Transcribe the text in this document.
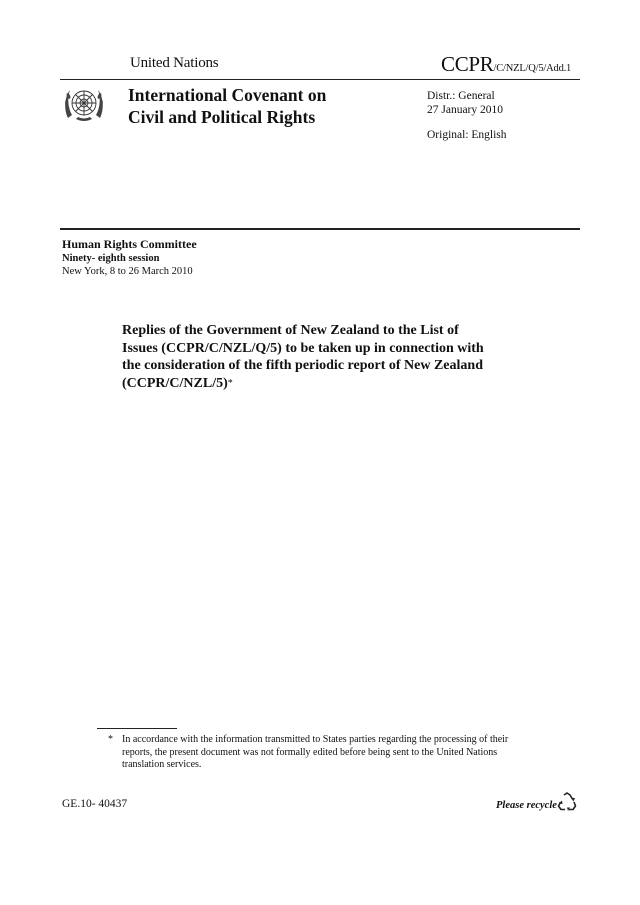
United Nations	CCPR/C/NZL/Q/5/Add.1
International Covenant on
Civil and Political Rights
Distr.: General
27 January 2010
Original: English
Human Rights Committee
Ninety- eighth session
New York, 8 to 26 March 2010
Replies of the Government of New Zealand to the List of
Issues (CCPR/C/NZL/Q/5) to be taken up in connection with
the consideration of the fifth periodic report of New Zealand
(CCPR/C/NZL/5)*
* In accordance with the information transmitted to States parties regarding the processing of their reports, the present document was not formally edited before being sent to the United Nations translation services.
GE.10- 40437	Please recycle
